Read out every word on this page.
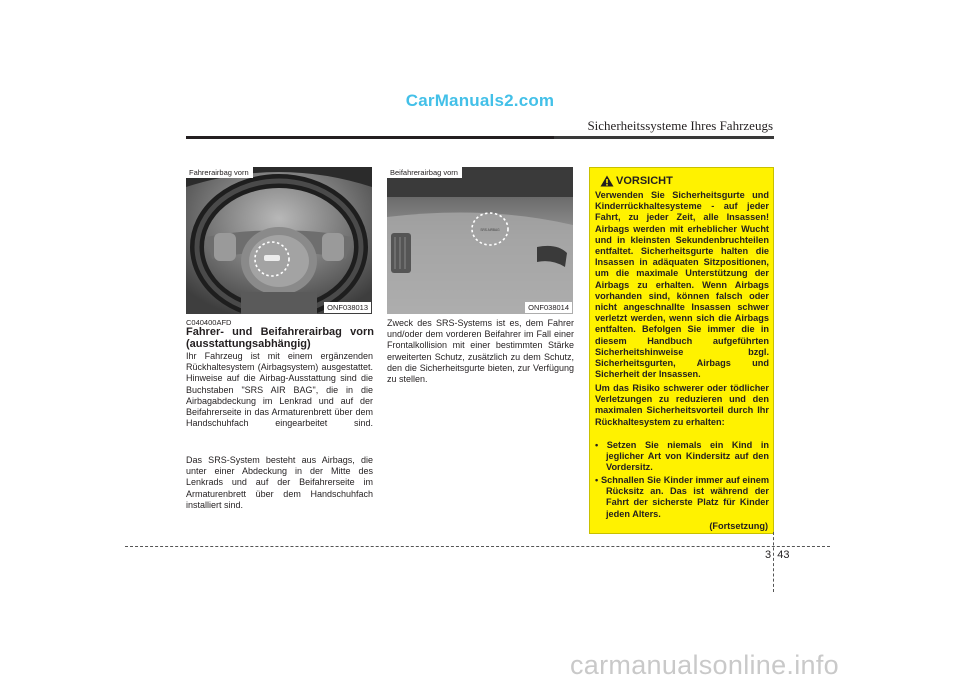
CarManuals2.com
Sicherheitssysteme Ihres Fahrzeugs
Fahrerairbag vorn
ONF038013
SRS AIRBAG
Beifahrerairbag vorn
ONF038014
C040400AFD
Fahrer- und Beifahrerairbag vorn (ausstattungsabhängig)
Ihr Fahrzeug ist mit einem ergänzenden Rückhaltesystem (Airbagsystem) ausgestattet. Hinweise auf die Airbag-Ausstattung sind die Buchstaben "SRS AIR BAG", die in die Airbagabdeckung im Lenkrad und auf der Beifahrerseite in das Armaturenbrett über dem Handschuhfach eingearbeitet sind.
Das SRS-System besteht aus Airbags, die unter einer Abdeckung in der Mitte des Lenkrads und auf der Beifahrerseite im Armaturenbrett über dem Handschuhfach installiert sind.
Zweck des SRS-Systems ist es, dem Fahrer und/oder dem vorderen Beifahrer im Fall einer Frontalkollision mit einer bestimmten Stärke erweiterten Schutz, zusätzlich zu dem Schutz, den die Sicherheitsgurte bieten, zur Verfügung zu stellen.
VORSICHT
Verwenden Sie Sicherheitsgurte und Kinderrückhaltesysteme - auf jeder Fahrt, zu jeder Zeit, alle Insassen! Airbags werden mit erheblicher Wucht und in kleinsten Sekundenbruchteilen entfaltet. Sicherheitsgurte halten die Insassen in adäquaten Sitzpositionen, um die maximale Unterstützung der Airbags zu erhalten. Wenn Airbags vorhanden sind, können falsch oder nicht angeschnallte Insassen schwer verletzt werden, wenn sich die Airbags entfalten. Befolgen Sie immer die in diesem Handbuch aufgeführten Sicherheitshinweise bzgl. Sicherheitsgurten, Airbags und Sicherheit der Insassen.
Um das Risiko schwerer oder tödlicher Verletzungen zu reduzieren und den maximalen Sicherheitsvorteil durch Ihr Rückhaltesystem zu erhalten:
• Setzen Sie niemals ein Kind in jeglicher Art von Kindersitz auf den Vordersitz.
• Schnallen Sie Kinder immer auf einem Rücksitz an. Das ist während der Fahrt der sicherste Platz für Kinder jeden Alters.
(Fortsetzung)
3 43
carmanualsonline.info
